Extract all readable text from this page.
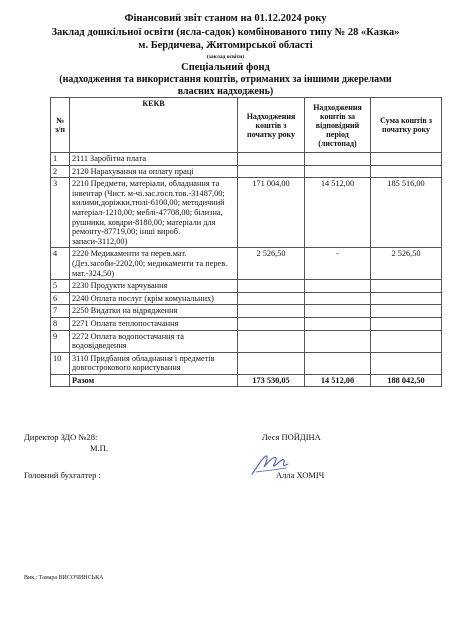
Фінансовий звіт станом на 01.12.2024 року
Заклад дошкільної освіти (ясла-садок) комбінованого типу № 28 «Казка»
м. Бердичева, Житомирської області
(заклад освіти)
Спеціальний фонд
(надходження та використання коштів, отриманих за іншими джерелами
власних надходжень)
№ з/п	КЕКВ	Надходження коштів з початку року	Надходження коштів за відповідний період (листопад)	Сума коштів з початку року
1	2111 Заробітна плата			
2	2120 Нарахування на оплату праці			
3	2210 Предмети, матеріали, обладнання та інвентар (Чист. м-чі.зас.госп.тов.-31487,00; килими,доріжки,тюлі-6100,00; методичний матеріал-1210,00; меблі-47708,00; білизна, рушники, ковдри-8180,00; матеріали для ремонту-87719,00; інші вироб. запаси-3112,00)	171 004,00	14 512,00	185 516,00
4	2220 Медикаменти та перев.мат. (Дез.засоби-2202,00; медикаменти та перев. мат.-324,50)	2 526,50	-	2 526,50
5	2230 Продукти харчування			
6	2240 Оплата послуг (крім комунальних)			
7	2250 Видатки на відрядження			
8	2271 Оплата теплопостачання			
9	2272 Оплата водопостачання та водовідведення			
10	3110 Придбання обладнання і предметів довгострокового користування			
	Разом	173 530,05	14 512,00	188 042,50
Директор ЗДО №28:
М.П.
Леся ПОЙДІНА
Головний бухгалтер :	Алла ХОМІЧ
Вик.: Тамара ВИСОЧИНСЬКА
